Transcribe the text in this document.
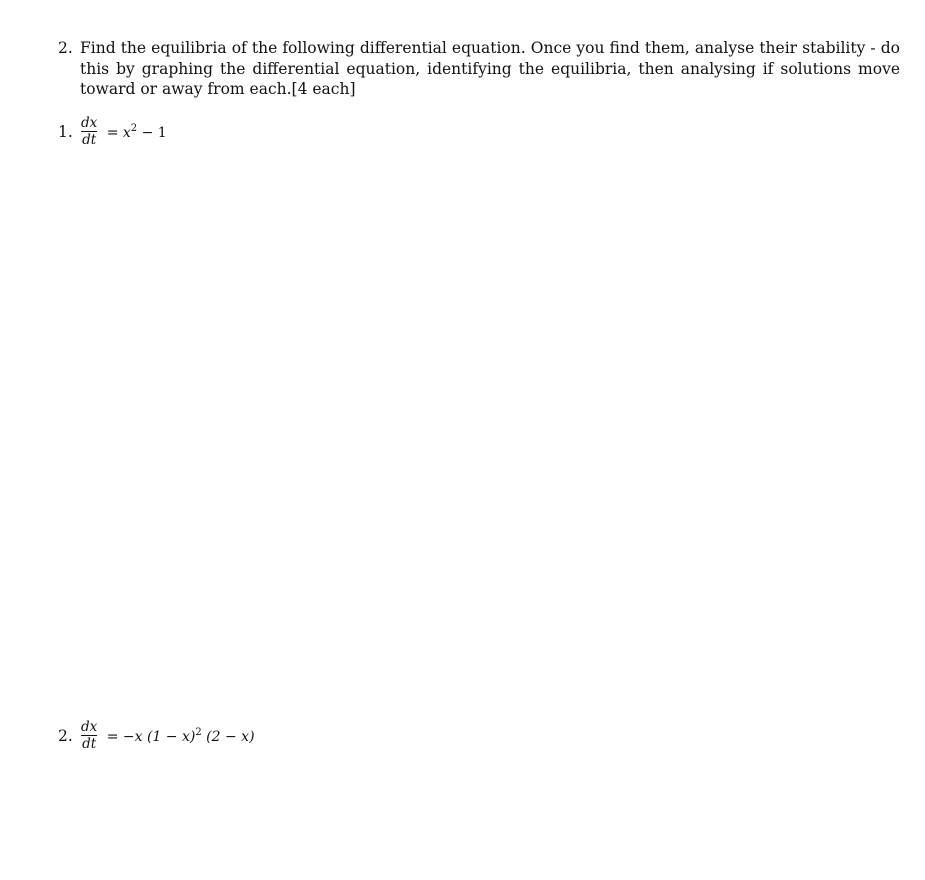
2. Find the equilibria of the following differential equation. Once you find them, analyse their stability - do this by graphing the differential equation, identifying the equilibria, then analysing if solutions move toward or away from each.[4 each]
1. $\frac{dx}{dt} = x^2 - 1$
2. $\frac{dx}{dt} = -x$ $(1 - x)^2$ (2 − x)
